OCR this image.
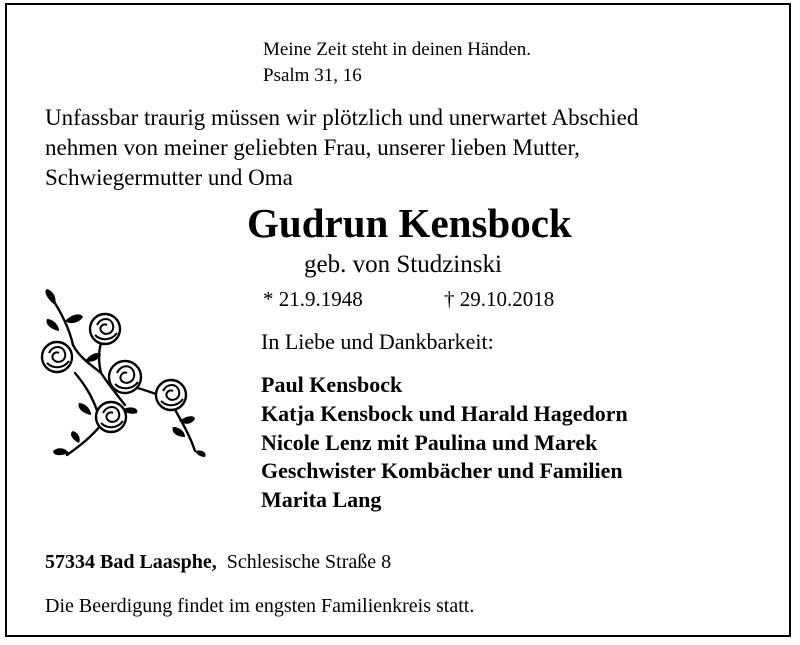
Meine Zeit steht in deinen Händen.
Psalm 31, 16
Unfassbar traurig müssen wir plötzlich und unerwartet Abschied
nehmen von meiner geliebten Frau, unserer lieben Mutter,
Schwiegermutter und Oma
Gudrun Kensbock
geb. von Studzinski
* 21.9.1948	† 29.10.2018
In Liebe und Dankbarkeit:
Paul Kensbock
Katja Kensbock und Harald Hagedorn
Nicole Lenz mit Paulina und Marek
Geschwister Kombächer und Familien
Marita Lang
57334 Bad Laasphe, Schlesische Straße 8
Die Beerdigung findet im engsten Familienkreis statt.
